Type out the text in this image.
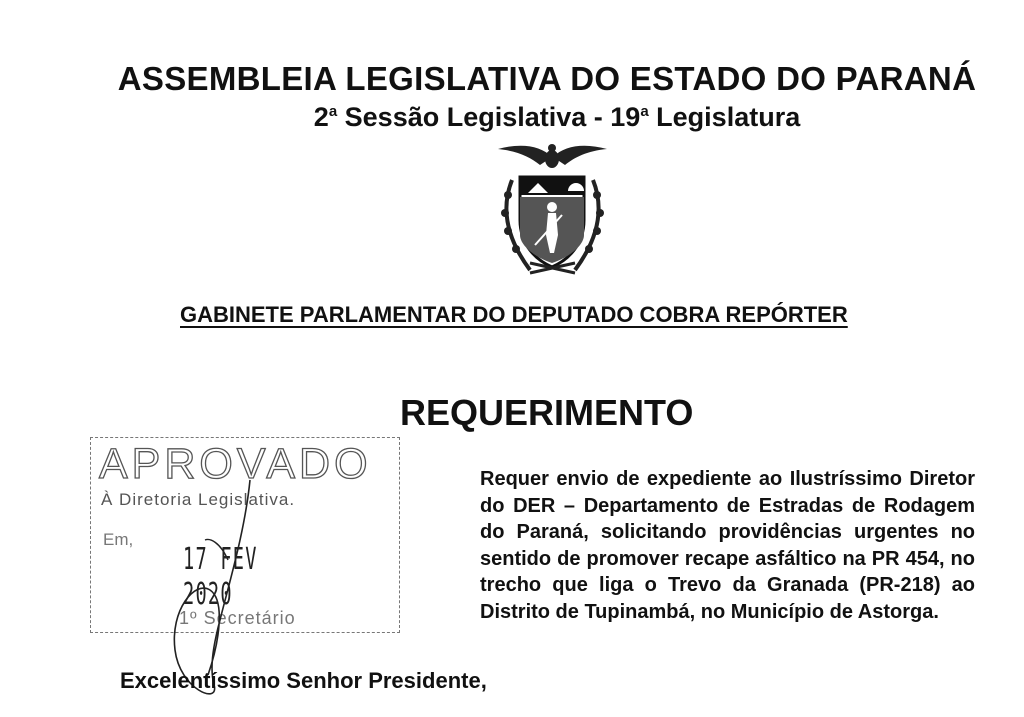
ASSEMBLEIA LEGISLATIVA DO ESTADO DO PARANÁ
2$^a$ Sessão Legislativa - 19$^a$ Legislatura
GABINETE PARLAMENTAR DO DEPUTADO COBRA REPÓRTER
REQUERIMENTO
Requer envio de expediente ao Ilustríssimo Diretor do DER – Departamento de Estradas de Rodagem do Paraná, solicitando providências urgentes no sentido de promover recape asfáltico na PR 454, no trecho que liga o Trevo da Granada (PR-218) ao Distrito de Tupinambá, no Município de Astorga.
APROVADO
À Diretoria Legislativa.
Em,
17 FEV 2020
1º Secretário
Excelentíssimo Senhor Presidente,
